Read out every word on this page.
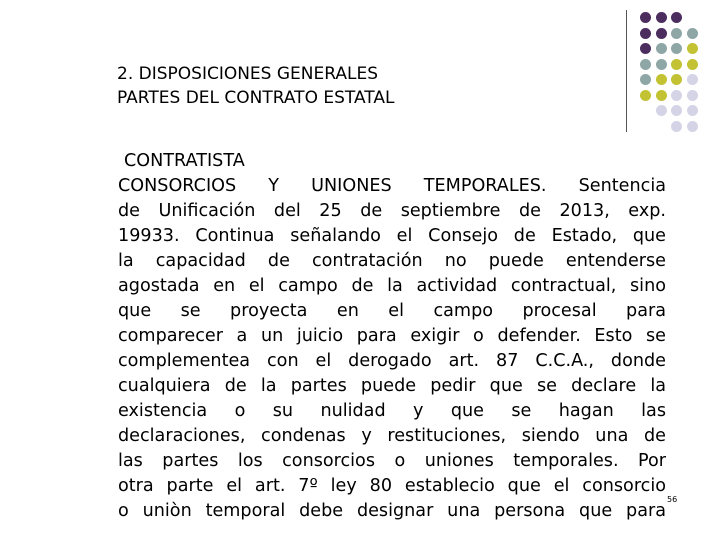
2. DISPOSICIONES GENERALES
PARTES DEL CONTRATO ESTATAL
CONTRATISTA
CONSORCIOS Y UNIONES TEMPORALES. Sentencia
de Unificación del 25 de septiembre de 2013, exp.
19933. Continua señalando el Consejo de Estado, que
la capacidad de contratación no puede entenderse
agostada en el campo de la actividad contractual, sino
que se proyecta en el campo procesal para
comparecer a un juicio para exigir o defender. Esto se
complementea con el derogado art. 87 C.C.A., donde
cualquiera de la partes puede pedir que se declare la
existencia o su nulidad y que se hagan las
declaraciones, condenas y restituciones, siendo una de
las partes los consorcios o uniones temporales. Por
otra parte el art. 7º ley 80 establecio que el consorcio
o uniòn temporal debe designar una persona que para
56
